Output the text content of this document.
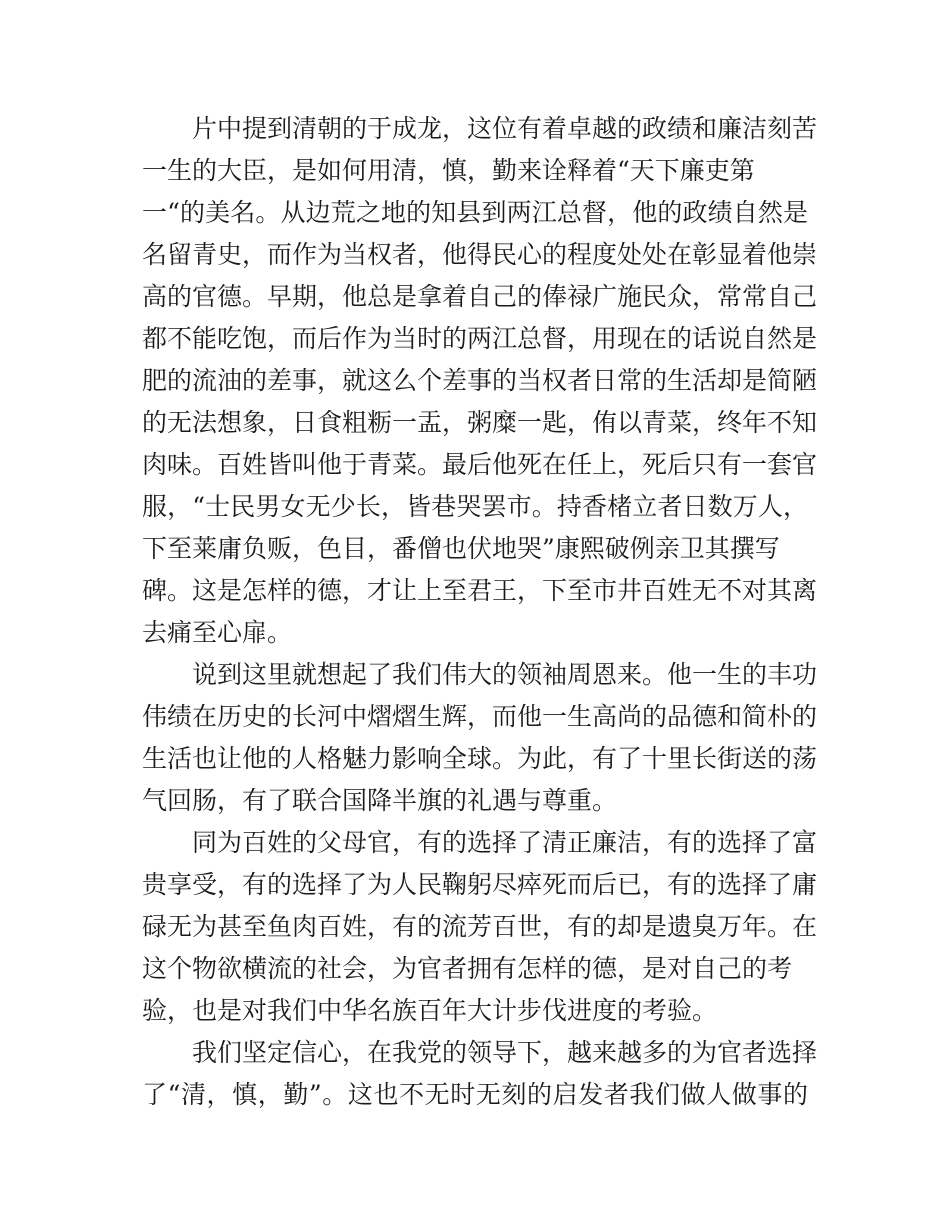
片中提到清朝的于成龙，这位有着卓越的政绩和廉洁刻苦
一生的大臣，是如何用清，慎，勤来诠释着“天下廉吏第
一“的美名。从边荒之地的知县到两江总督，他的政绩自然是
名留青史，而作为当权者，他得民心的程度处处在彰显着他崇
高的官德。早期，他总是拿着自己的俸禄广施民众，常常自己
都不能吃饱，而后作为当时的两江总督，用现在的话说自然是
肥的流油的差事，就这么个差事的当权者日常的生活却是简陋
的无法想象，日食粗粝一盂，粥糜一匙，侑以青菜，终年不知
肉味。百姓皆叫他于青菜。最后他死在任上，死后只有一套官
服，“士民男女无少长，皆巷哭罢市。持香楮立者日数万人，
下至莱庸负贩，色目，番僧也伏地哭”康熙破例亲卫其撰写
碑。这是怎样的德，才让上至君王，下至市井百姓无不对其离
去痛至心扉。
说到这里就想起了我们伟大的领袖周恩来。他一生的丰功
伟绩在历史的长河中熠熠生辉，而他一生高尚的品德和简朴的
生活也让他的人格魅力影响全球。为此，有了十里长街送的荡
气回肠，有了联合国降半旗的礼遇与尊重。
同为百姓的父母官，有的选择了清正廉洁，有的选择了富
贵享受，有的选择了为人民鞠躬尽瘁死而后已，有的选择了庸
碌无为甚至鱼肉百姓，有的流芳百世，有的却是遗臭万年。在
这个物欲横流的社会，为官者拥有怎样的德，是对自己的考
验，也是对我们中华名族百年大计步伐进度的考验。
我们坚定信心，在我党的领导下，越来越多的为官者选择
了“清，慎，勤”。这也不无时无刻的启发者我们做人做事的
